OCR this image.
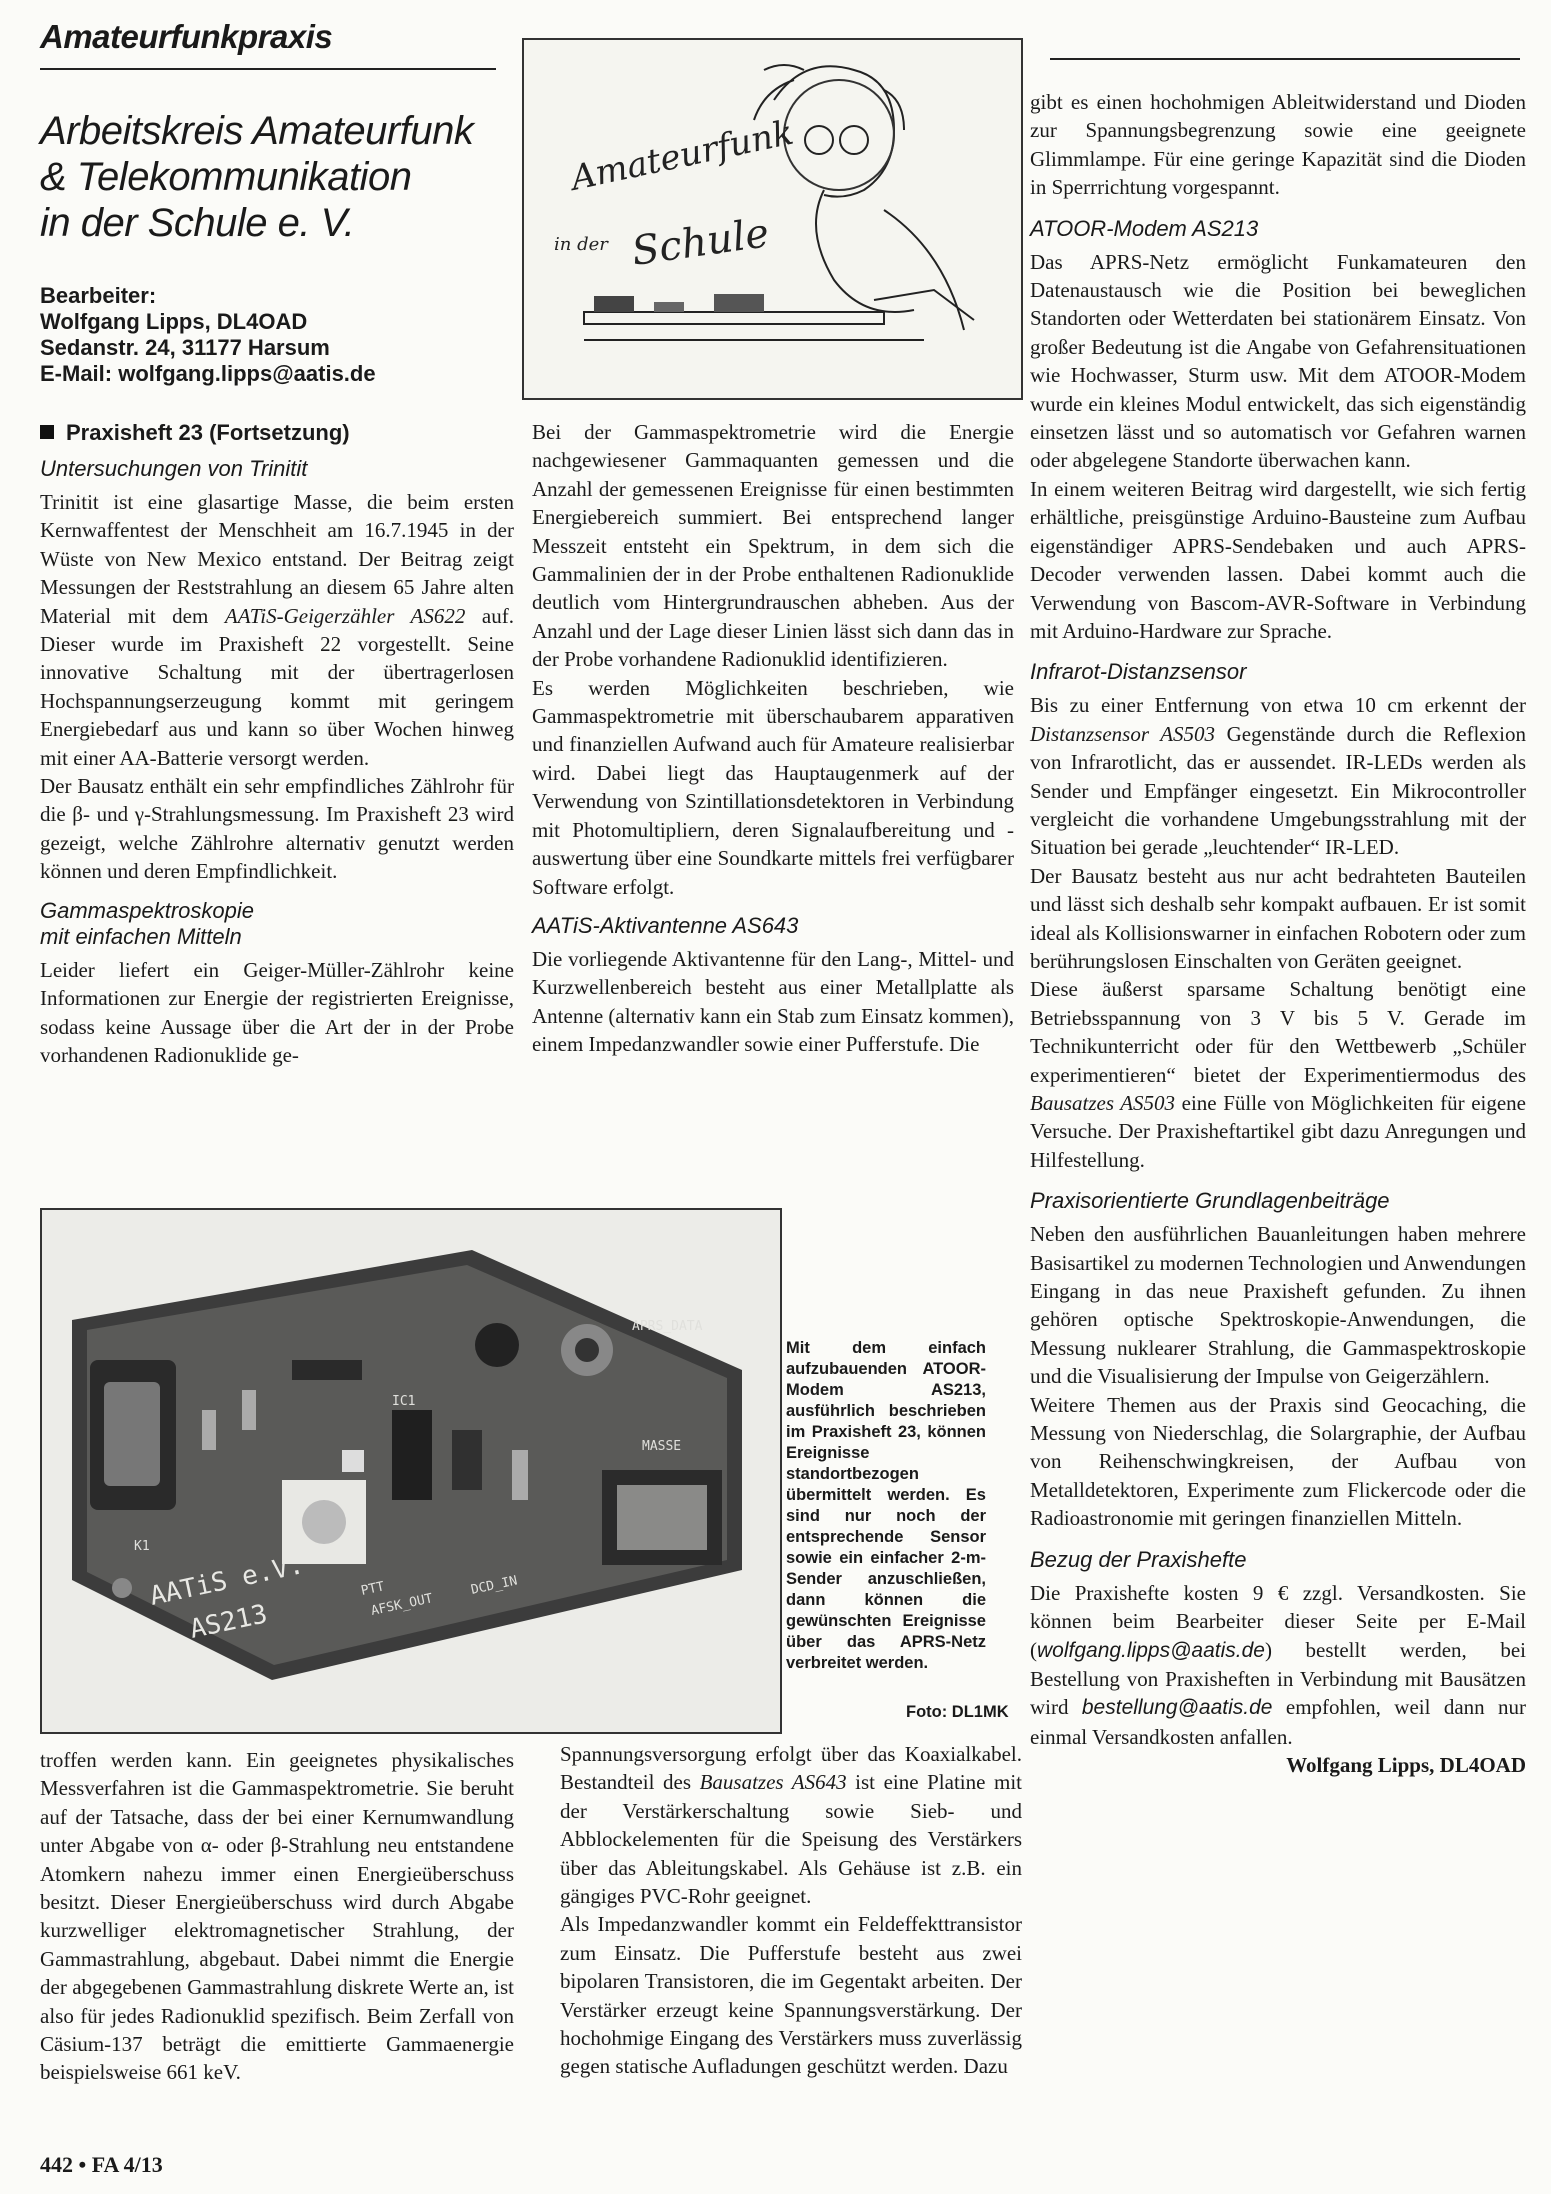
Amateurfunkpraxis
Arbeitskreis Amateurfunk
& Telekommunikation
in der Schule e. V.
Bearbeiter:
Wolfgang Lipps, DL4OAD
Sedanstr. 24, 31177 Harsum
E-Mail: wolfgang.lipps@aatis.de
Amateurfunk
in der Schule
Praxisheft 23 (Fortsetzung)
Untersuchungen von Trinitit

Trinitit ist eine glasartige Masse, die beim ersten Kernwaffentest der Menschheit am 16.7.1945 in der Wüste von New Mexico entstand. Der Beitrag zeigt Messungen der Reststrahlung an diesem 65 Jahre alten Material mit dem AATiS-Geigerzähler AS622 auf. Dieser wurde im Praxisheft 22 vorgestellt. Seine innovative Schaltung mit der übertragerlosen Hochspannungserzeugung kommt mit geringem Energiebedarf aus und kann so über Wochen hinweg mit einer AA-Batterie versorgt werden.

Der Bausatz enthält ein sehr empfindliches Zählrohr für die β- und γ-Strahlungsmessung. Im Praxisheft 23 wird gezeigt, welche Zählrohre alternativ genutzt werden können und deren Empfindlichkeit.

Gammaspektroskopie
mit einfachen Mitteln

Leider liefert ein Geiger-Müller-Zählrohr keine Informationen zur Energie der registrierten Ereignisse, sodass keine Aussage über die Art der in der Probe vorhandenen Radionuklide ge-

Bei der Gammaspektrometrie wird die Energie nachgewiesener Gammaquanten gemessen und die Anzahl der gemessenen Ereignisse für einen bestimmten Energiebereich summiert. Bei entsprechend langer Messzeit entsteht ein Spektrum, in dem sich die Gammalinien der in der Probe enthaltenen Radionuklide deutlich vom Hintergrundrauschen abheben. Aus der Anzahl und der Lage dieser Linien lässt sich dann das in der Probe vorhandene Radionuklid identifizieren.

Es werden Möglichkeiten beschrieben, wie Gammaspektrometrie mit überschaubarem apparativen und finanziellen Aufwand auch für Amateure realisierbar wird. Dabei liegt das Hauptaugenmerk auf der Verwendung von Szintillationsdetektoren in Verbindung mit Photomultipliern, deren Signalaufbereitung und -auswertung über eine Soundkarte mittels frei verfügbarer Software erfolgt.

AATiS-Aktivantenne AS643

Die vorliegende Aktivantenne für den Lang-, Mittel- und Kurzwellenbereich besteht aus einer Metallplatte als Antenne (alternativ kann ein Stab zum Einsatz kommen), einem Impedanzwandler sowie einer Pufferstufe. Die

gibt es einen hochohmigen Ableitwiderstand und Dioden zur Spannungsbegrenzung sowie eine geeignete Glimmlampe. Für eine geringe Kapazität sind die Dioden in Sperrrichtung vorgespannt.

ATOOR-Modem AS213

Das APRS-Netz ermöglicht Funkamateuren den Datenaustausch wie die Position bei beweglichen Standorten oder Wetterdaten bei stationärem Einsatz. Von großer Bedeutung ist die Angabe von Gefahrensituationen wie Hochwasser, Sturm usw. Mit dem ATOOR-Modem wurde ein kleines Modul entwickelt, das sich eigenständig einsetzen lässt und so automatisch vor Gefahren warnen oder abgelegene Standorte überwachen kann.

In einem weiteren Beitrag wird dargestellt, wie sich fertig erhältliche, preisgünstige Arduino-Bausteine zum Aufbau eigenständiger APRS-Sendebaken und auch APRS-Decoder verwenden lassen. Dabei kommt auch die Verwendung von Bascom-AVR-Software in Verbindung mit Arduino-Hardware zur Sprache.

Infrarot-Distanzsensor

Bis zu einer Entfernung von etwa 10 cm erkennt der Distanzsensor AS503 Gegenstände durch die Reflexion von Infrarotlicht, das er aussendet. IR-LEDs werden als Sender und Empfänger eingesetzt. Ein Mikrocontroller vergleicht die vorhandene Umgebungsstrahlung mit der Situation bei gerade „leuchtender“ IR-LED.

Der Bausatz besteht aus nur acht bedrahteten Bauteilen und lässt sich deshalb sehr kompakt aufbauen. Er ist somit ideal als Kollisionswarner in einfachen Robotern oder zum berührungslosen Einschalten von Geräten geeignet.

Diese äußerst sparsame Schaltung benötigt eine Betriebsspannung von 3 V bis 5 V. Gerade im Technikunterricht oder für den Wettbewerb „Schüler experimentieren“ bietet der Experimentiermodus des Bausatzes AS503 eine Fülle von Möglichkeiten für eigene Versuche. Der Praxisheftartikel gibt dazu Anregungen und Hilfestellung.

Praxisorientierte Grundlagenbeiträge

Neben den ausführlichen Bauanleitungen haben mehrere Basisartikel zu modernen Technologien und Anwendungen Eingang in das neue Praxisheft gefunden. Zu ihnen gehören optische Spektroskopie-Anwendungen, die Messung nuklearer Strahlung, die Gammaspektroskopie und die Visualisierung der Impulse von Geigerzählern.

Weitere Themen aus der Praxis sind Geocaching, die Messung von Niederschlag, die Solargraphie, der Aufbau von Reihenschwingkreisen, der Aufbau von Metalldetektoren, Experimente zum Flickercode oder die Radioastronomie mit geringen finanziellen Mitteln.

Bezug der Praxishefte

Die Praxishefte kosten 9 € zzgl. Versandkosten. Sie können beim Bearbeiter dieser Seite per E-Mail (wolfgang.lipps@aatis.de) bestellt werden, bei Bestellung von Praxisheften in Verbindung mit Bausätzen wird bestellung@aatis.de empfohlen, weil dann nur einmal Versandkosten anfallen.
Wolfgang Lipps, DL4OAD

AATiS e.V.
AS213	AFSK_OUT
DCD_IN
PTT
APRS_DATA
MASSE
IC1
K1
Mit dem einfach aufzubauenden ATOOR-Modem AS213, ausführlich beschrieben im Praxisheft 23, können Ereignisse standortbezogen übermittelt werden. Es sind nur noch der entsprechende Sensor sowie ein einfacher 2-m-Sender anzuschließen, dann können die gewünschten Ereignisse über das APRS-Netz verbreitet werden.
Foto: DL1MK

troffen werden kann. Ein geeignetes physikalisches Messverfahren ist die Gammaspektrometrie. Sie beruht auf der Tatsache, dass der bei einer Kernumwandlung unter Abgabe von α- oder β-Strahlung neu entstandene Atomkern nahezu immer einen Energieüberschuss besitzt. Dieser Energieüberschuss wird durch Abgabe kurzwelliger elektromagnetischer Strahlung, der Gammastrahlung, abgebaut. Dabei nimmt die Energie der abgegebenen Gammastrahlung diskrete Werte an, ist also für jedes Radionuklid spezifisch. Beim Zerfall von Cäsium-137 beträgt die emittierte Gammaenergie beispielsweise 661 keV.

Spannungsversorgung erfolgt über das Koaxialkabel. Bestandteil des Bausatzes AS643 ist eine Platine mit der Verstärkerschaltung sowie Sieb- und Abblockelementen für die Speisung des Verstärkers über das Ableitungskabel. Als Gehäuse ist z.B. ein gängiges PVC-Rohr geeignet.

Als Impedanzwandler kommt ein Feldeffekttransistor zum Einsatz. Die Pufferstufe besteht aus zwei bipolaren Transistoren, die im Gegentakt arbeiten. Der Verstärker erzeugt keine Spannungsverstärkung. Der hochohmige Eingang des Verstärkers muss zuverlässig gegen statische Aufladungen geschützt werden. Dazu

442 • FA 4/13
